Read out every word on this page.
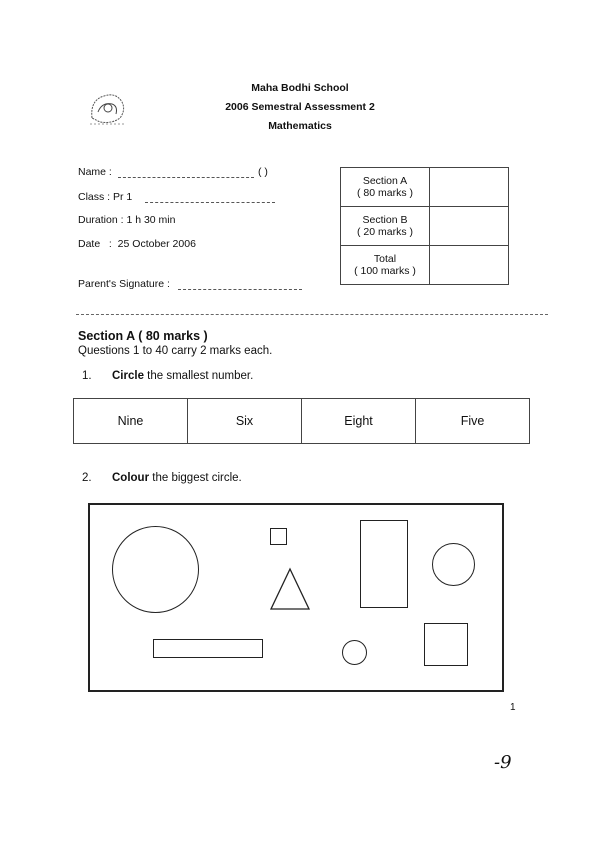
Maha Bodhi School
2006 Semestral Assessment 2
Mathematics
Name :	( )
Class : Pr 1
Duration : 1 h 30 min
Date   :  25 October 2006
Parent's Signature :
Section A
( 80 marks )	

Section B
( 20 marks )	

Total
( 100 marks )	

Section A ( 80 marks )
Questions 1 to 40 carry 2 marks each.
1. Circle the smallest number.
Nine	Six	Eight	Five
2. Colour the biggest circle.
1
-9
